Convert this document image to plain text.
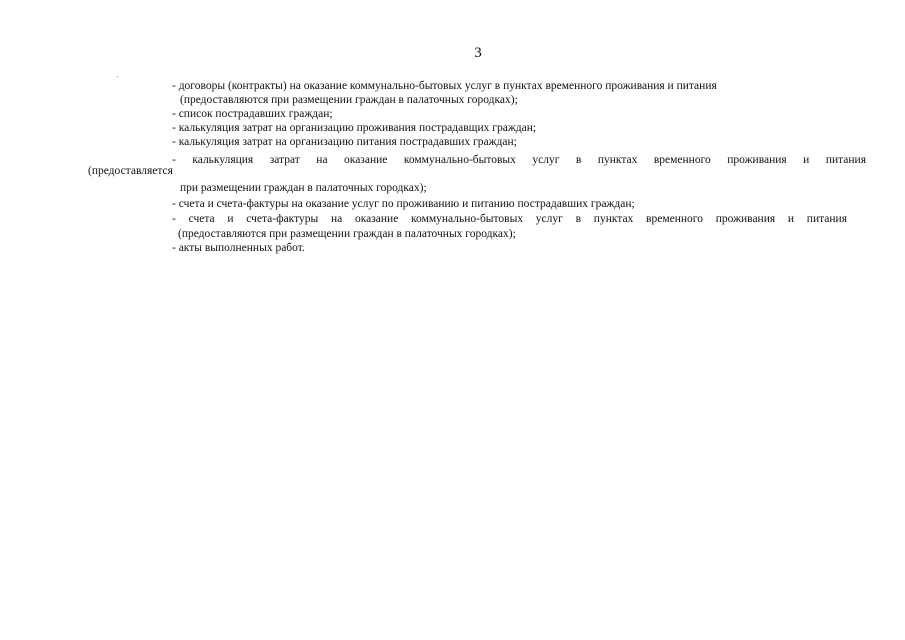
3
- договоры (контракты) на оказание коммунально-бытовых услуг в пунктах временного проживания и питания
(предоставляются при размещении граждан в палаточных городках);
- список пострадавших граждан;
- калькуляция затрат на организацию проживания пострадавщих граждан;
- калькуляция затрат на организацию питания пострадавших граждан;
- калькуляция затрат на оказание коммунально-бытовых услуг в пунктах временного проживания и питания
(предоставляется
при размещении граждан в палаточных городках);
- счета и счета-фактуры на оказание услуг по проживанию и питанию пострадавших граждан;
- счета и счета-фактуры на оказание коммунально-бытовых услуг в пунктах временного проживания и питания
(предоставляются при размещении граждан в палаточных городках);
- акты выполненных работ.
